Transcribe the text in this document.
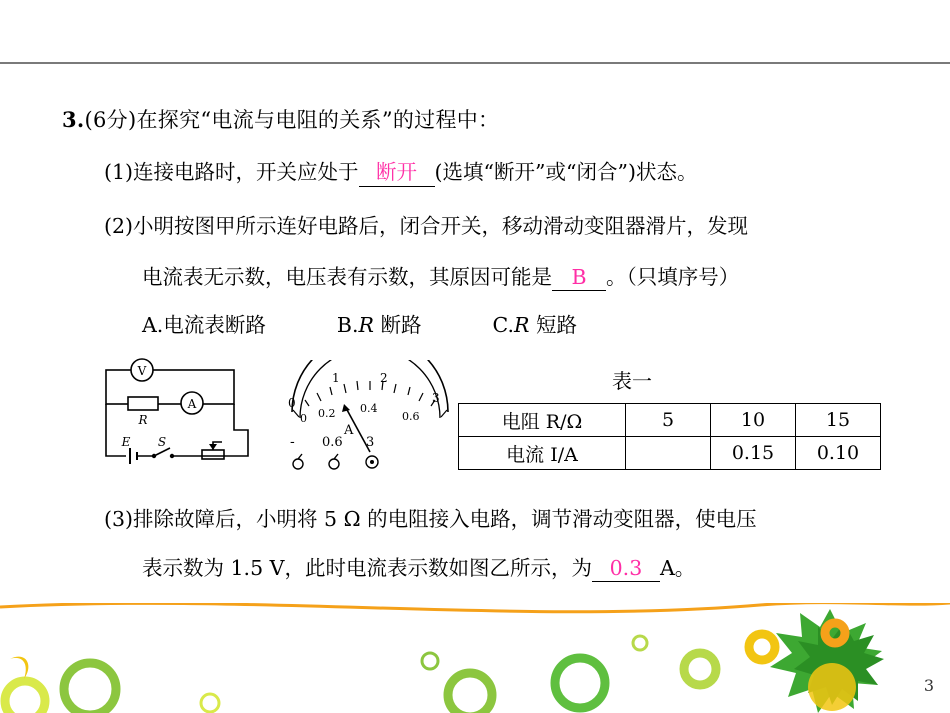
3.(6分)在探究“电流与电阻的关系”的过程中：
(1)连接电路时，开关应处于 断开 (选填“断开”或“闭合”)状态。
(2)小明按图甲所示连好电路后，闭合开关，移动滑动变阻器滑片，发现
电流表无示数，电压表有示数，其原因可能是 B 。（只填序号）
A.电流表断路	B.R 断路	C.R 短路
V
R
A
E S
0
1	2
3
0 0.2 0.4
0.6
A
- 0.6 3
表一
电阻 R/Ω	5	10	15
电流 I/A		0.15	0.10
(3)排除故障后，小明将 5 Ω 的电阻接入电路，调节滑动变阻器，使电压
表示数为 1.5 V，此时电流表示数如图乙所示，为 0.3 A。
3
